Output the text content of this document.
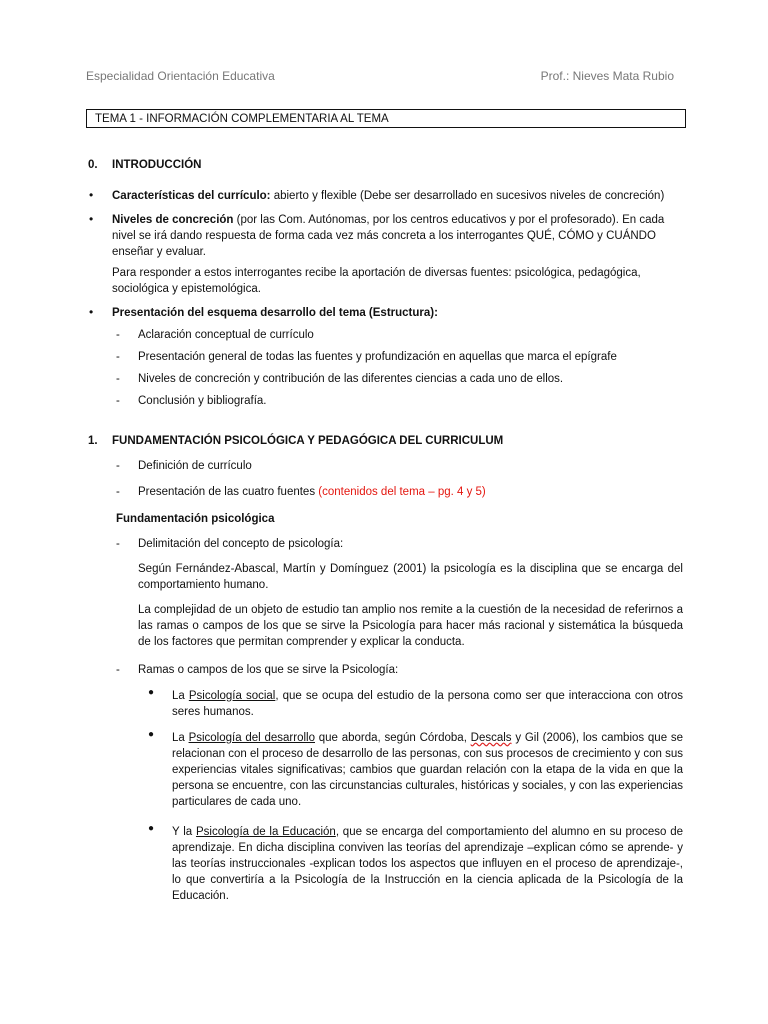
Especialidad Orientación Educativa	Prof.: Nieves Mata Rubio
TEMA 1 - INFORMACIÓN COMPLEMENTARIA AL TEMA
0. INTRODUCCIÓN
• Características del currículo: abierto y flexible (Debe ser desarrollado en sucesivos niveles de concreción)
• Niveles de concreción (por las Com. Autónomas, por los centros educativos y por el profesorado). En cada nivel se irá dando respuesta de forma cada vez más concreta a los interrogantes QUÉ, CÓMO y CUÁNDO enseñar y evaluar.
Para responder a estos interrogantes recibe la aportación de diversas fuentes: psicológica, pedagógica, sociológica y epistemológica.
• Presentación del esquema desarrollo del tema (Estructura):
- Aclaración conceptual de currículo
- Presentación general de todas las fuentes y profundización en aquellas que marca el epígrafe
- Niveles de concreción y contribución de las diferentes ciencias a cada uno de ellos.
- Conclusión y bibliografía.
1. FUNDAMENTACIÓN PSICOLÓGICA Y PEDAGÓGICA DEL CURRICULUM
- Definición de currículo
- Presentación de las cuatro fuentes (contenidos del tema – pg. 4 y 5)
Fundamentación psicológica
- Delimitación del concepto de psicología:
Según Fernández-Abascal, Martín y Domínguez (2001) la psicología es la disciplina que se encarga del comportamiento humano.
La complejidad de un objeto de estudio tan amplio nos remite a la cuestión de la necesidad de referirnos a las ramas o campos de los que se sirve la Psicología para hacer más racional y sistemática la búsqueda de los factores que permitan comprender y explicar la conducta.
- Ramas o campos de los que se sirve la Psicología:
● La Psicología social, que se ocupa del estudio de la persona como ser que interacciona con otros seres humanos.
● La Psicología del desarrollo que aborda, según Córdoba, Descals y Gil (2006), los cambios que se relacionan con el proceso de desarrollo de las personas, con sus procesos de crecimiento y con sus experiencias vitales significativas; cambios que guardan relación con la etapa de la vida en que la persona se encuentre, con las circunstancias culturales, históricas y sociales, y con las experiencias particulares de cada uno.
● Y la Psicología de la Educación, que se encarga del comportamiento del alumno en su proceso de aprendizaje. En dicha disciplina conviven las teorías del aprendizaje –explican cómo se aprende- y las teorías instruccionales -explican todos los aspectos que influyen en el proceso de aprendizaje-, lo que convertiría a la Psicología de la Instrucción en la ciencia aplicada de la Psicología de la Educación.
